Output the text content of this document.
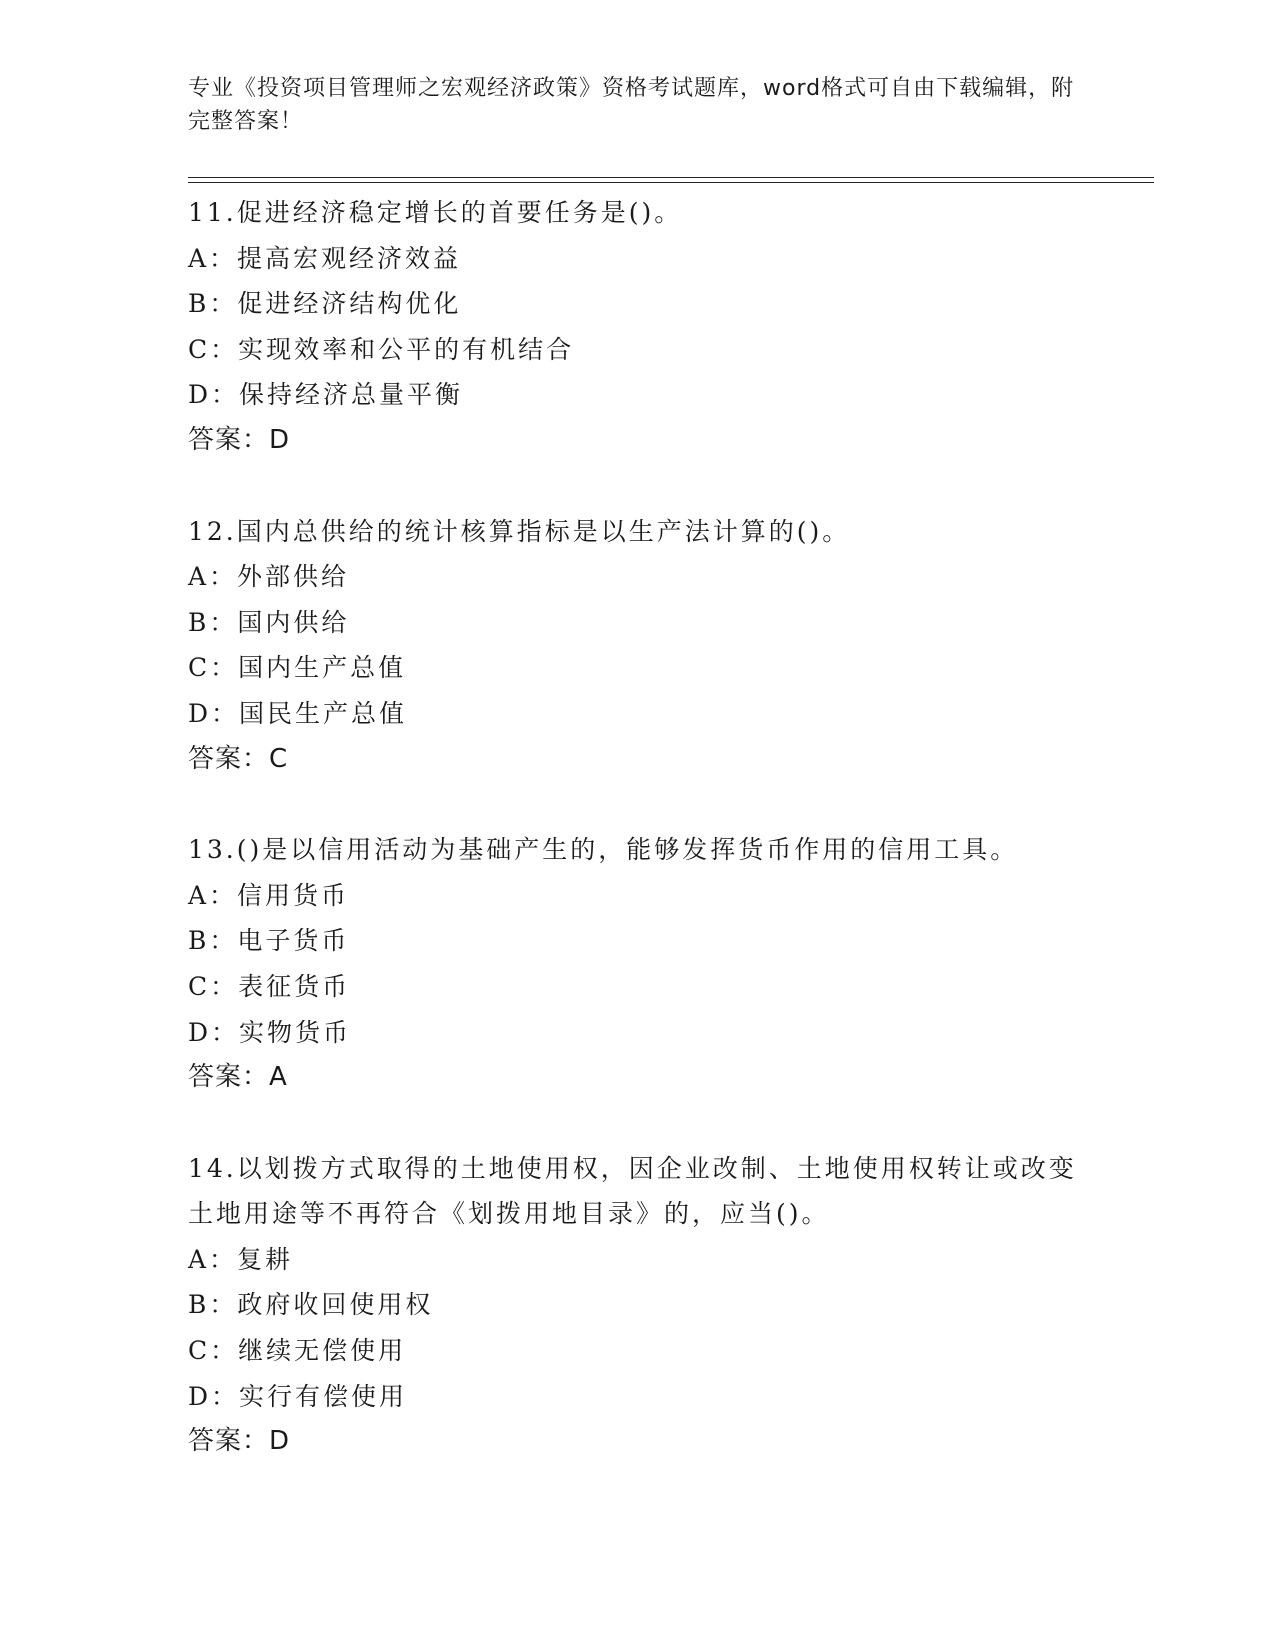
专业《投资项目管理师之宏观经济政策》资格考试题库，word格式可自由下载编辑，附完整答案！
11.促进经济稳定增长的首要任务是()。
A：提高宏观经济效益
B：促进经济结构优化
C：实现效率和公平的有机结合
D：保持经济总量平衡
答案：D
12.国内总供给的统计核算指标是以生产法计算的()。
A：外部供给
B：国内供给
C：国内生产总值
D：国民生产总值
答案：C
13.()是以信用活动为基础产生的，能够发挥货币作用的信用工具。
A：信用货币
B：电子货币
C：表征货币
D：实物货币
答案：A
14.以划拨方式取得的土地使用权，因企业改制、土地使用权转让或改变土地用途等不再符合《划拨用地目录》的，应当()。
A：复耕
B：政府收回使用权
C：继续无偿使用
D：实行有偿使用
答案：D
